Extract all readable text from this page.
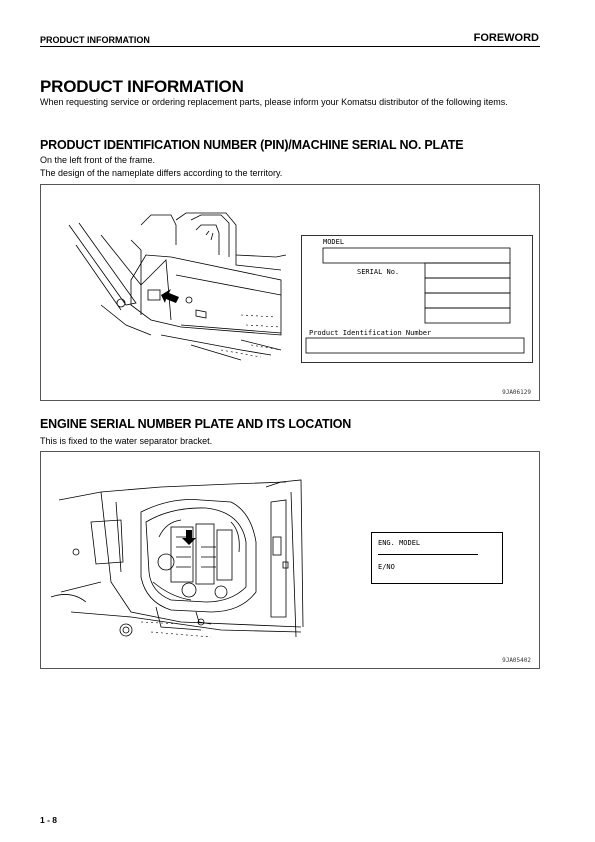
PRODUCT INFORMATION	FOREWORD
PRODUCT INFORMATION
When requesting service or ordering replacement parts, please inform your Komatsu distributor of the following items.
PRODUCT IDENTIFICATION NUMBER (PIN)/MACHINE SERIAL NO. PLATE
On the left front of the frame.
The design of the nameplate differs according to the territory.
MODEL
SERIAL No.
Product Identification Number
9JA06129
ENGINE SERIAL NUMBER PLATE AND ITS LOCATION
This is fixed to the water separator bracket.
ENG. MODEL
E/NO
9JA05402
1 - 8
